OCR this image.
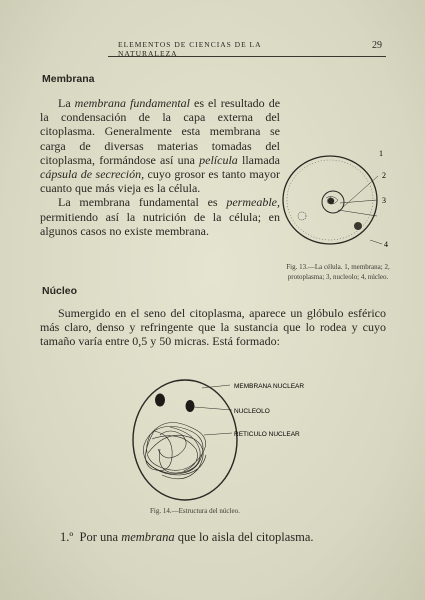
ELEMENTOS DE CIENCIAS DE LA NATURALEZA
29
Membrana

La membrana fundamental es el resultado de la condensación de la capa externa del citoplasma. Generalmente esta membrana se carga de diversas materias tomadas del citoplasma, formándose así una película llamada cápsula de secreción, cuyo grosor es tanto mayor cuanto que más vieja es la célula.

La membrana fundamental es permeable, permitiendo así la nutrición de la célula; en algunos casos no existe membrana.

1
2
3
4
Fig. 13.—La célula. 1, membrana; 2, protoplasma; 3, nucleolo; 4, núcleo.
Núcleo

Sumergido en el seno del citoplasma, aparece un glóbulo esférico más claro, denso y refringente que la sustancia que lo rodea y cuyo tamaño varía entre 0,5 y 50 micras. Está formado:

MEMBRANA NUCLEAR
NUCLEOLO
RETICULO NUCLEAR
Fig. 14.—Estructura del núcleo.
1.º Por una membrana que lo aisla del citoplasma.
